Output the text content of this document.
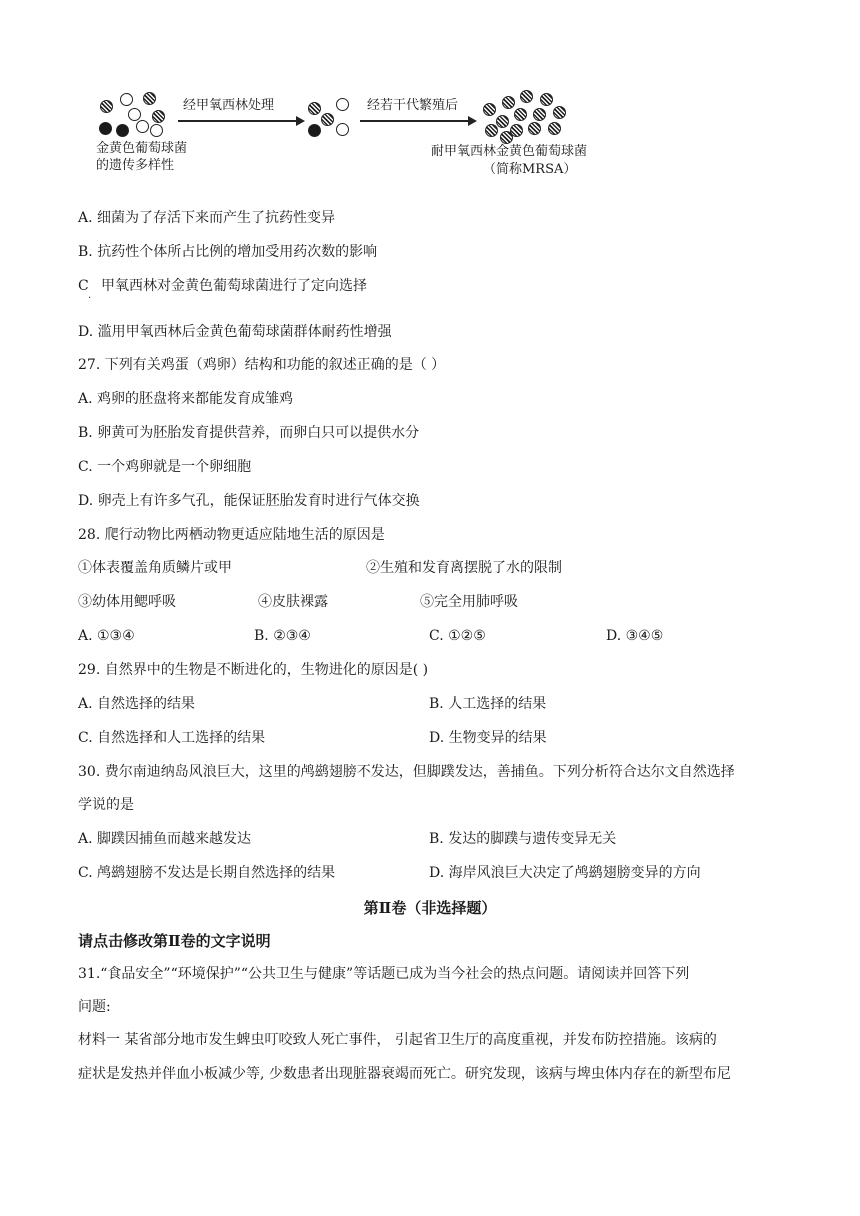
金黄色葡萄球菌
的遗传多样性
经甲氧西林处理	经若干代繁殖后
耐甲氧西林金黄色葡萄球菌
（简称MRSA）
A. 细菌为了存活下来而产生了抗药性变异
B. 抗药性个体所占比例的增加受用药次数的影响
C
.
甲氧西林对金黄色葡萄球菌进行了定向选择
D. 滥用甲氧西林后金黄色葡萄球菌群体耐药性增强
27. 下列有关鸡蛋（鸡卵）结构和功能的叙述正确的是（ ）
A. 鸡卵的胚盘将来都能发育成雏鸡
B. 卵黄可为胚胎发育提供营养，而卵白只可以提供水分
C. 一个鸡卵就是一个卵细胞
D. 卵壳上有许多气孔，能保证胚胎发育时进行气体交换
28. 爬行动物比两栖动物更适应陆地生活的原因是
①体表覆盖角质鳞片或甲	②生殖和发育离摆脱了水的限制
③幼体用鳃呼吸	④皮肤裸露	⑤完全用肺呼吸
A. ①③④	B. ②③④	C. ①②⑤	D. ③④⑤
29. 自然界中的生物是不断进化的，生物进化的原因是( )
A. 自然选择的结果	B. 人工选择的结果
C. 自然选择和人工选择的结果	D. 生物变异的结果
30. 费尔南迪纳岛风浪巨大，这里的鸬鹚翅膀不发达，但脚蹼发达，善捕鱼。下列分析符合达尔文自然选择
学说的是
A. 脚蹼因捕鱼而越来越发达	B. 发达的脚蹼与遗传变异无关
C. 鸬鹚翅膀不发达是长期自然选择的结果	D. 海岸风浪巨大决定了鸬鹚翅膀变异的方向
第Ⅱ卷（非选择题）
请点击修改第Ⅱ卷的文字说明
31.“食品安全”“环境保护”“公共卫生与健康”等话题已成为当今社会的热点问题。请阅读并回答下列
问题:
材料一 某省部分地市发生蜱虫叮咬致人死亡事件， 引起省卫生厅的高度重视，并发布防控措施。该病的
症状是发热并伴血小板减少等, 少数患者出现脏器衰竭而死亡。研究发现，该病与埤虫体内存在的新型布尼
